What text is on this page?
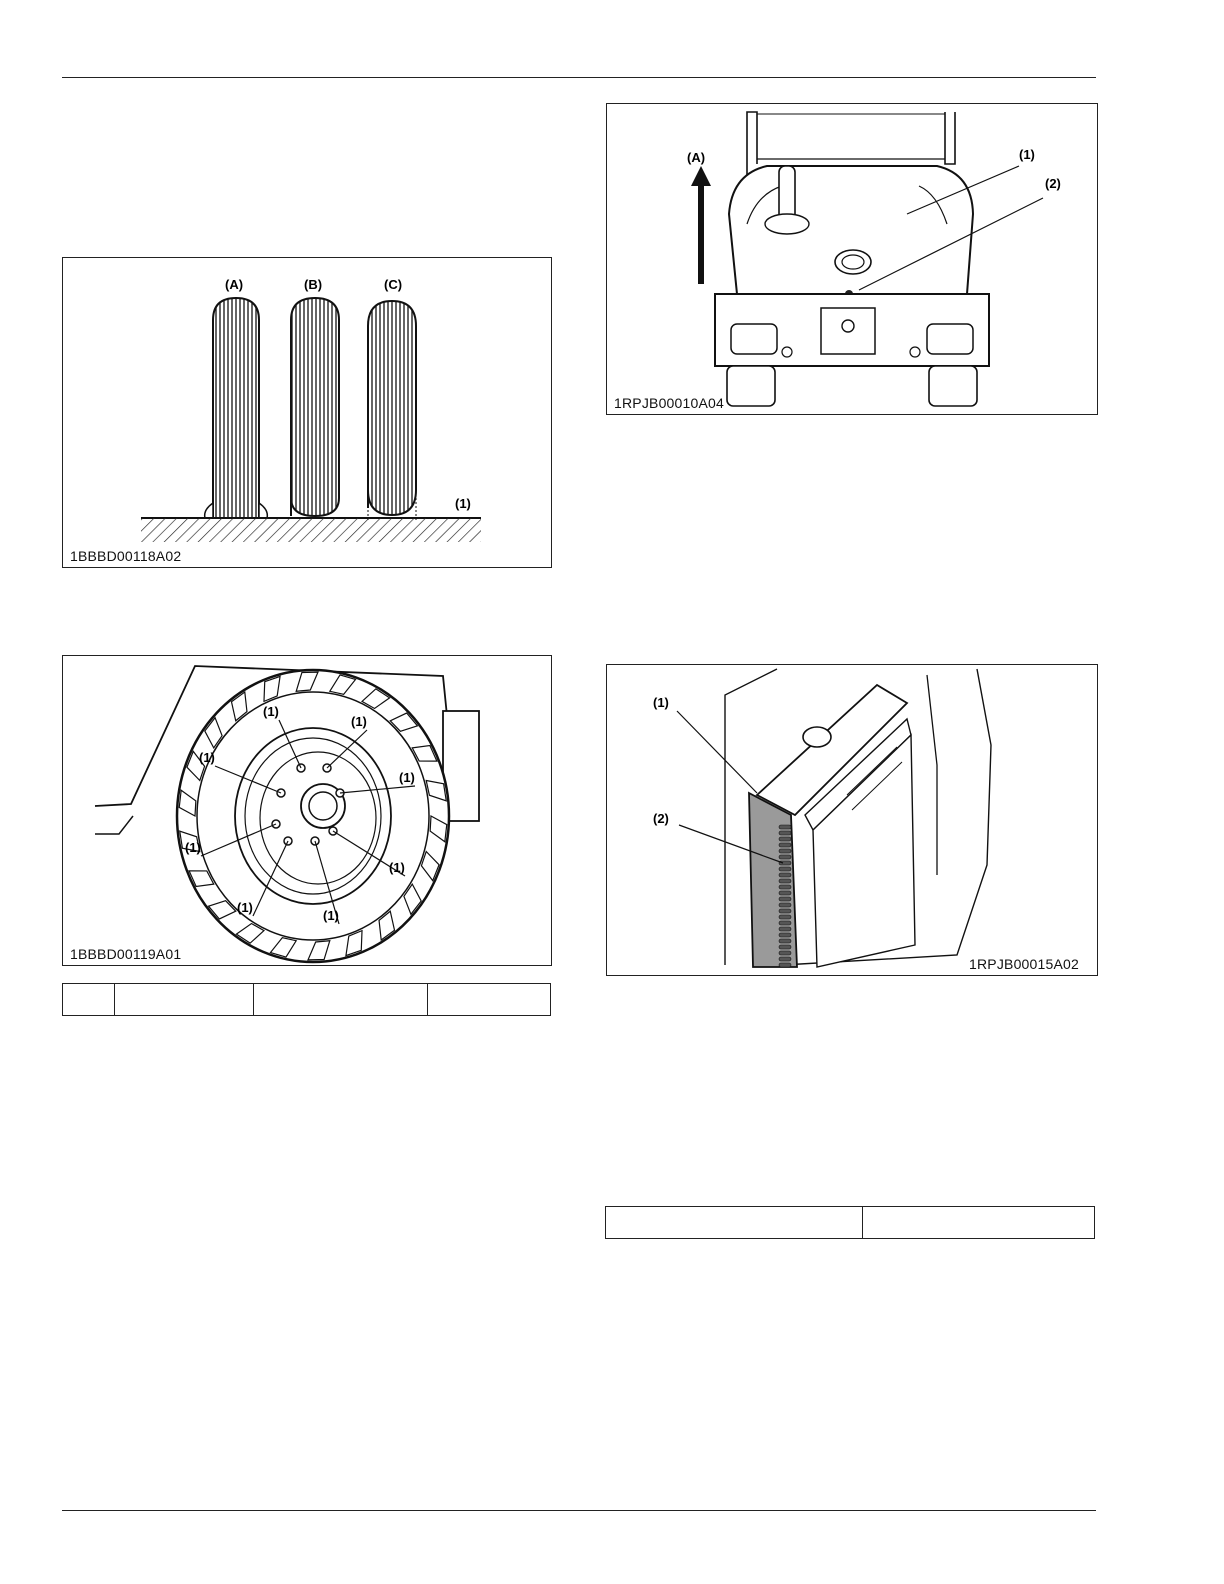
(A)	(B)	(C)
(1)
1BBBD00118A02
(1)
(1)
(1)
(1)
(1)
(1)
(1)
(1)
1BBBD00119A01

(A)	(1)
(2)
1RPJB00010A04
(1)
(2)
1RPJB00015A02
